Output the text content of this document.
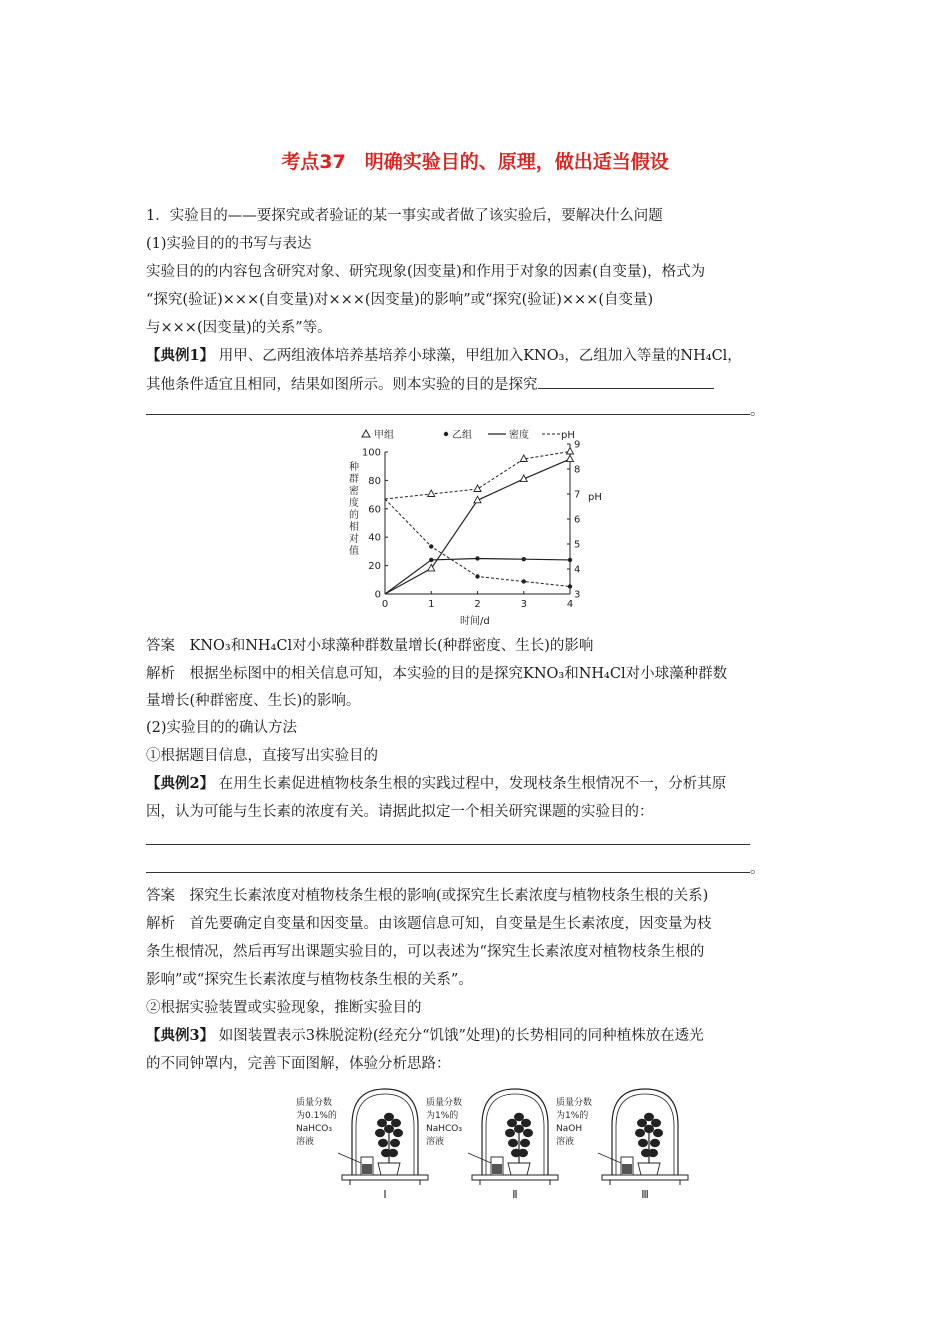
考点37　明确实验目的、原理，做出适当假设
1．实验目的——要探究或者验证的某一事实或者做了该实验后，要解决什么问题
(1)实验目的的书写与表达
实验目的的内容包含研究对象、研究现象(因变量)和作用于对象的因素(自变量)，格式为
“探究(验证)×××(自变量)对×××(因变量)的影响”或“探究(验证)×××(自变量)
与×××(因变量)的关系”等。
【典例1】 用甲、乙两组液体培养基培养小球藻，甲组加入KNO₃，乙组加入等量的NH₄Cl，
其他条件适宜且相同，结果如图所示。则本实验的目的是探究
。
甲组	乙组	密度	pH
0
20
40
60
80
100
3
4
5
6
7
8
9
0	1	2	3	4
种群密度的相对值
pH
时间/d
答案　KNO₃和NH₄Cl对小球藻种群数量增长(种群密度、生长)的影响
解析　根据坐标图中的相关信息可知，本实验的目的是探究KNO₃和NH₄Cl对小球藻种群数
量增长(种群密度、生长)的影响。
(2)实验目的的确认方法
①根据题目信息，直接写出实验目的
【典例2】 在用生长素促进植物枝条生根的实践过程中，发现枝条生根情况不一，分析其原
因，认为可能与生长素的浓度有关。请据此拟定一个相关研究课题的实验目的：
。
答案　探究生长素浓度对植物枝条生根的影响(或探究生长素浓度与植物枝条生根的关系)
解析　首先要确定自变量和因变量。由该题信息可知，自变量是生长素浓度，因变量为枝
条生根情况，然后再写出课题实验目的，可以表述为“探究生长素浓度对植物枝条生根的
影响”或“探究生长素浓度与植物枝条生根的关系”。
②根据实验装置或实验现象，推断实验目的
【典例3】 如图装置表示3株脱淀粉(经充分“饥饿”处理)的长势相同的同种植株放在透光
的不同钟罩内，完善下面图解，体验分析思路：
质量分数
为0.1%的
NaHCO₃
溶液
Ⅰ
质量分数
为1%的
NaHCO₃
溶液
Ⅱ
质量分数
为1%的
NaOH
溶液
Ⅲ
